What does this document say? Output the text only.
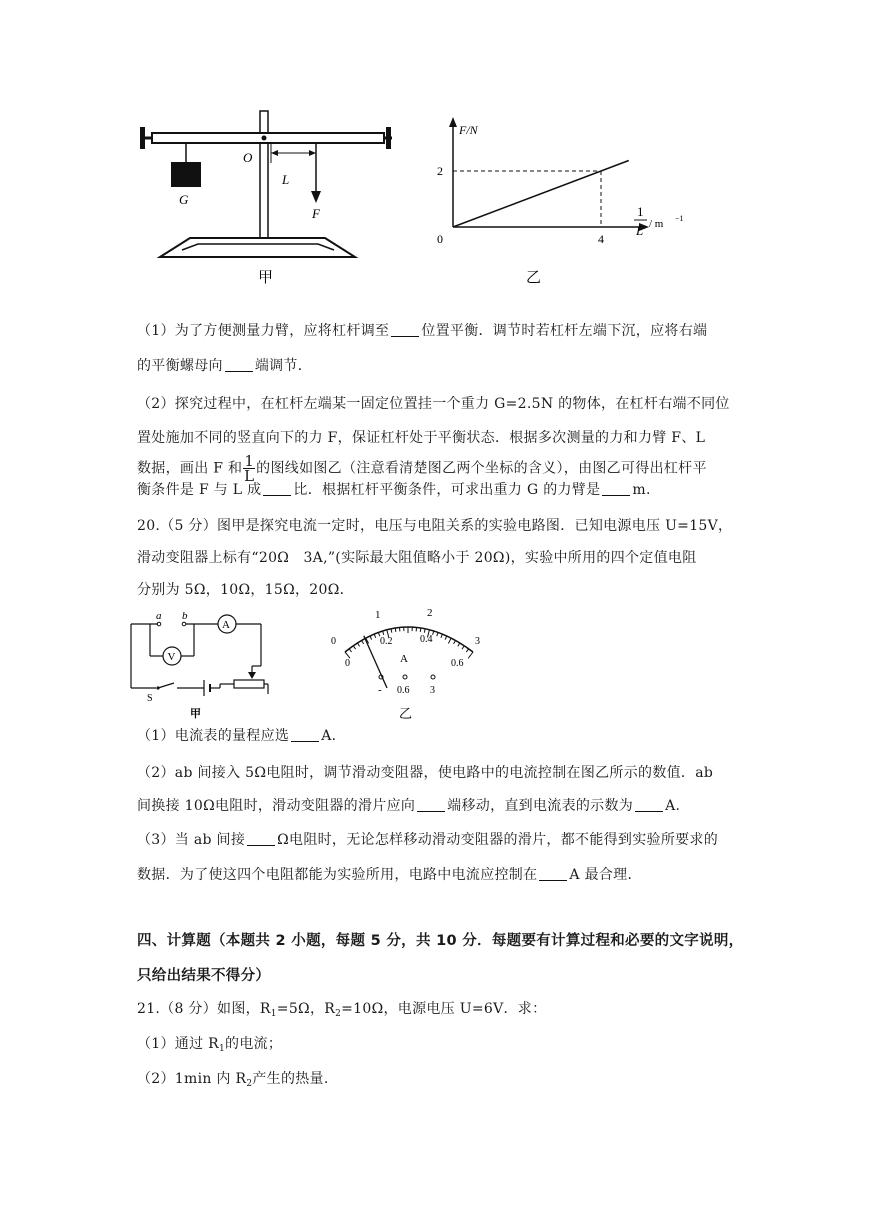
G
O
L
F
甲
F/N
2
0	4
1
L / m −1
乙
（1）为了方便测量力臂，应将杠杆调至 位置平衡．调节时若杠杆左端下沉，应将右端
的平衡螺母向 端调节．
（2）探究过程中，在杠杆左端某一固定位置挂一个重力 G=2.5N 的物体，在杠杆右端不同位
置处施加不同的竖直向下的力 F，保证杠杆处于平衡状态．根据多次测量的力和力臂 F、L
数据，画出 F 和 $\frac{1}{L}$ 的图线如图乙（注意看清楚图乙两个坐标的含义），由图乙可得出杠杆平
衡条件是 F 与 L 成 比．根据杠杆平衡条件，可求出重力 G 的力臂是 m.
20.（5 分）图甲是探究电流一定时，电压与电阻关系的实验电路图．已知电源电压 U=15V，
滑动变阻器上标有“20Ω　3A,”(实际最大阻值略小于 20Ω)，实验中所用的四个定值电阻
分别为 5Ω，10Ω，15Ω，20Ω．
a b
V
A
S
甲
0
1	2
3
0
0.2	0.4
0.6
A
- 0.6 3
乙
（1）电流表的量程应选 A.
（2）ab 间接入 5Ω电阻时，调节滑动变阻器，使电路中的电流控制在图乙所示的数值．ab
间换接 10Ω电阻时，滑动变阻器的滑片应向 端移动，直到电流表的示数为 A.
（3）当 ab 间接 Ω电阻时，无论怎样移动滑动变阻器的滑片，都不能得到实验所要求的
数据．为了使这四个电阻都能为实验所用，电路中电流应控制在 A 最合理．
四、计算题（本题共 2 小题，每题 5 分，共 10 分．每题要有计算过程和必要的文字说明，
只给出结果不得分）
21.（8 分）如图，$R_1=5\Omega$，$R_2=10\Omega$，电源电压 U=6V．求：
（1）通过 $R_1$的电流；
（2）1min 内 $R_2$产生的热量.
